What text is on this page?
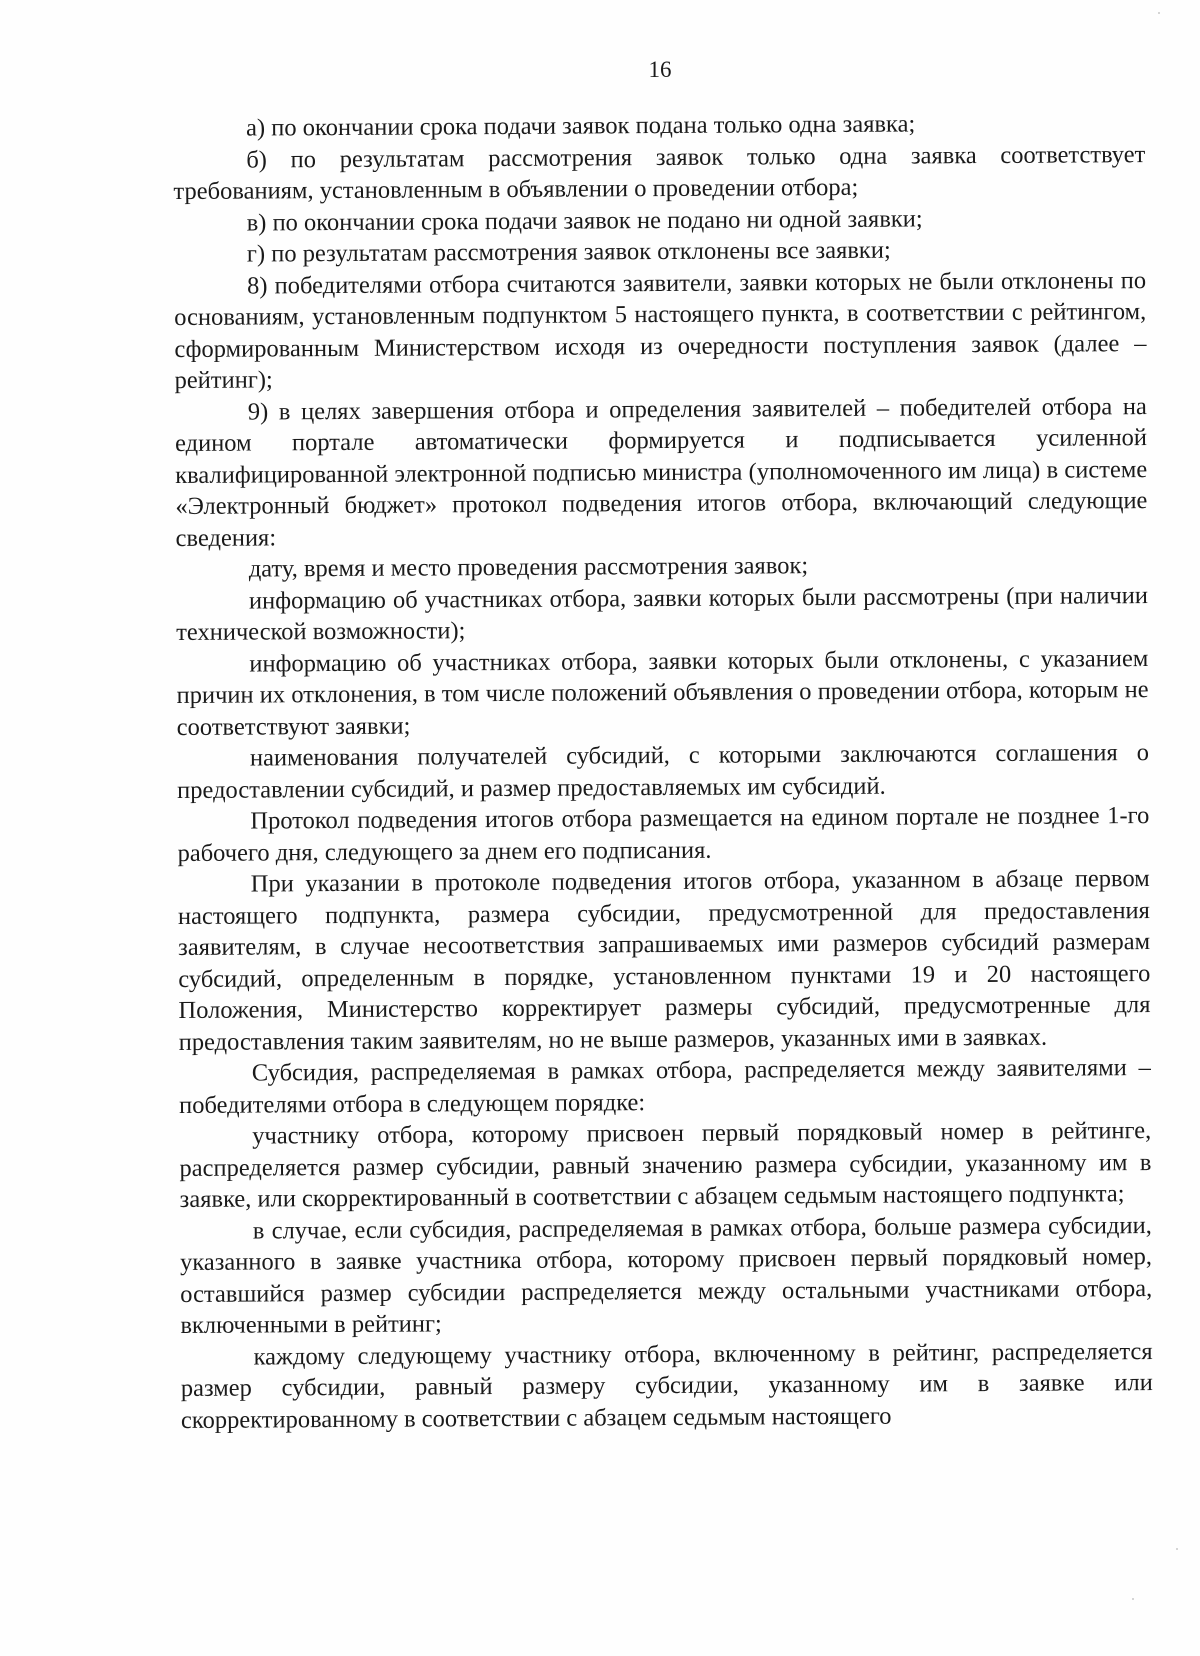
16

а) по окончании срока подачи заявок подана только одна заявка;

б) по результатам рассмотрения заявок только одна заявка соответствует требованиям, установленным в объявлении о проведении отбора;

в) по окончании срока подачи заявок не подано ни одной заявки;

г) по результатам рассмотрения заявок отклонены все заявки;

8) победителями отбора считаются заявители, заявки которых не были отклонены по основаниям, установленным подпунктом 5 настоящего пункта, в соответствии с рейтингом, сформированным Министерством исходя из очередности поступления заявок (далее – рейтинг);

9) в целях завершения отбора и определения заявителей – победителей отбора на едином портале автоматически формируется и подписывается усиленной квалифицированной электронной подписью министра (уполномоченного им лица) в системе «Электронный бюджет» протокол подведения итогов отбора, включающий следующие сведения:

дату, время и место проведения рассмотрения заявок;

информацию об участниках отбора, заявки которых были рассмотрены (при наличии технической возможности);

информацию об участниках отбора, заявки которых были отклонены, с указанием причин их отклонения, в том числе положений объявления о проведении отбора, которым не соответствуют заявки;

наименования получателей субсидий, с которыми заключаются соглашения о предоставлении субсидий, и размер предоставляемых им субсидий.

Протокол подведения итогов отбора размещается на едином портале не позднее 1-го рабочего дня, следующего за днем его подписания.

При указании в протоколе подведения итогов отбора, указанном в абзаце первом настоящего подпункта, размера субсидии, предусмотренной для предоставления заявителям, в случае несоответствия запрашиваемых ими размеров субсидий размерам субсидий, определенным в порядке, установленном пунктами 19 и 20 настоящего Положения, Министерство корректирует размеры субсидий, предусмотренные для предоставления таким заявителям, но не выше размеров, указанных ими в заявках.

Субсидия, распределяемая в рамках отбора, распределяется между заявителями – победителями отбора в следующем порядке:

участнику отбора, которому присвоен первый порядковый номер в рейтинге, распределяется размер субсидии, равный значению размера субсидии, указанному им в заявке, или скорректированный в соответствии с абзацем седьмым настоящего подпункта;

в случае, если субсидия, распределяемая в рамках отбора, больше размера субсидии, указанного в заявке участника отбора, которому присвоен первый порядковый номер, оставшийся размер субсидии распределяется между остальными участниками отбора, включенными в рейтинг;

каждому следующему участнику отбора, включенному в рейтинг, распределяется размер субсидии, равный размеру субсидии, указанному им в заявке или скорректированному в соответствии с абзацем седьмым настоящего
